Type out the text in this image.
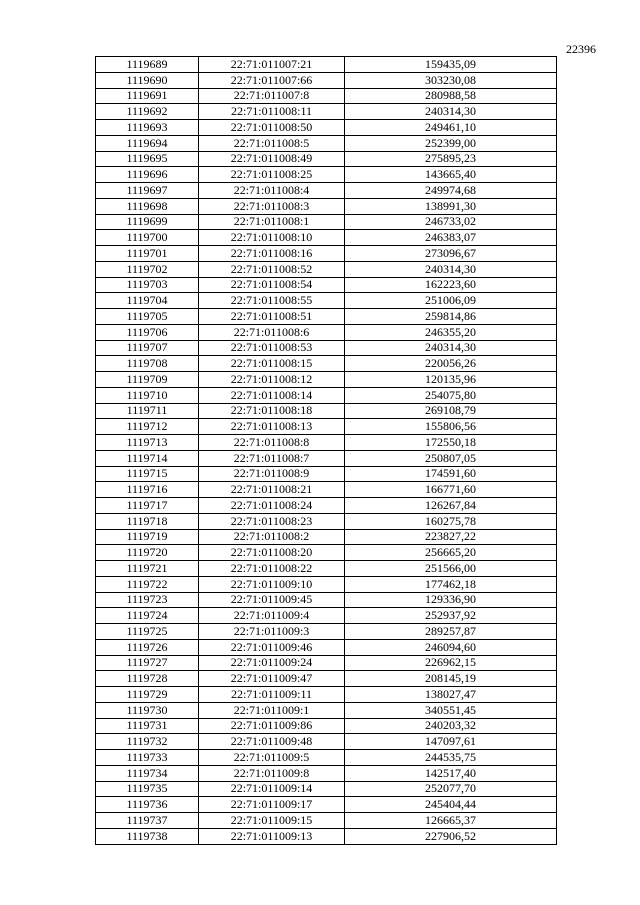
22396
1119689	22:71:011007:21	159435,09
1119690	22:71:011007:66	303230,08
1119691	22:71:011007:8	280988,58
1119692	22:71:011008:11	240314,30
1119693	22:71:011008:50	249461,10
1119694	22:71:011008:5	252399,00
1119695	22:71:011008:49	275895,23
1119696	22:71:011008:25	143665,40
1119697	22:71:011008:4	249974,68
1119698	22:71:011008:3	138991,30
1119699	22:71:011008:1	246733,02
1119700	22:71:011008:10	246383,07
1119701	22:71:011008:16	273096,67
1119702	22:71:011008:52	240314,30
1119703	22:71:011008:54	162223,60
1119704	22:71:011008:55	251006,09
1119705	22:71:011008:51	259814,86
1119706	22:71:011008:6	246355,20
1119707	22:71:011008:53	240314,30
1119708	22:71:011008:15	220056,26
1119709	22:71:011008:12	120135,96
1119710	22:71:011008:14	254075,80
1119711	22:71:011008:18	269108,79
1119712	22:71:011008:13	155806,56
1119713	22:71:011008:8	172550,18
1119714	22:71:011008:7	250807,05
1119715	22:71:011008:9	174591,60
1119716	22:71:011008:21	166771,60
1119717	22:71:011008:24	126267,84
1119718	22:71:011008:23	160275,78
1119719	22:71:011008:2	223827,22
1119720	22:71:011008:20	256665,20
1119721	22:71:011008:22	251566,00
1119722	22:71:011009:10	177462,18
1119723	22:71:011009:45	129336,90
1119724	22:71:011009:4	252937,92
1119725	22:71:011009:3	289257,87
1119726	22:71:011009:46	246094,60
1119727	22:71:011009:24	226962,15
1119728	22:71:011009:47	208145,19
1119729	22:71:011009:11	138027,47
1119730	22:71:011009:1	340551,45
1119731	22:71:011009:86	240203,32
1119732	22:71:011009:48	147097,61
1119733	22:71:011009:5	244535,75
1119734	22:71:011009:8	142517,40
1119735	22:71:011009:14	252077,70
1119736	22:71:011009:17	245404,44
1119737	22:71:011009:15	126665,37
1119738	22:71:011009:13	227906,52
